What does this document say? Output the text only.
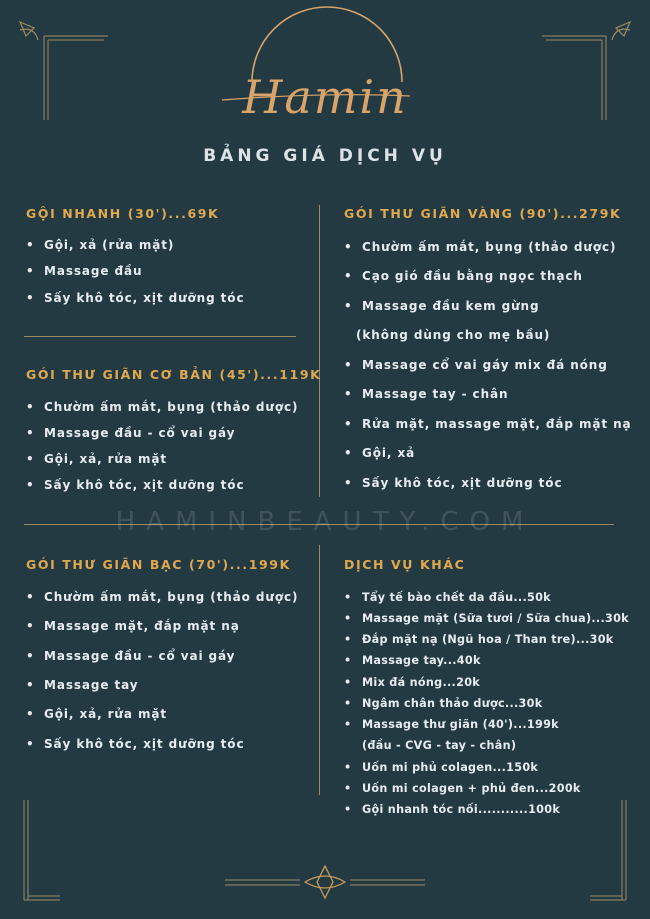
Hamin
BẢNG GIÁ DỊCH VỤ
HAMINBEAUTY.COM
GỘI NHANH (30')...69K
• Gội, xả (rửa mặt)
• Massage đầu
• Sấy khô tóc, xịt dưỡng tóc
GÓI THƯ GIÃN CƠ BẢN (45')...119K
• Chườm ấm mắt, bụng (thảo dược)
• Massage đầu - cổ vai gáy
• Gội, xả, rửa mặt
• Sấy khô tóc, xịt dưỡng tóc
GÓI THƯ GIÃN VÀNG (90')...279K
• Chườm ấm mắt, bụng (thảo dược)
• Cạo gió đầu bằng ngọc thạch
• Massage đầu kem gừng
(không dùng cho mẹ bầu)
• Massage cổ vai gáy mix đá nóng
• Massage tay - chân
• Rửa mặt, massage mặt, đắp mặt nạ
• Gội, xả
• Sấy khô tóc, xịt dưỡng tóc
GÓI THƯ GIÃN BẠC (70')...199K
• Chườm ấm mắt, bụng (thảo dược)
• Massage mặt, đắp mặt nạ
• Massage đầu - cổ vai gáy
• Massage tay
• Gội, xả, rửa mặt
• Sấy khô tóc, xịt dưỡng tóc
DỊCH VỤ KHÁC
• Tẩy tế bào chết da đầu...50k
• Massage mặt (Sữa tươi / Sữa chua)...30k
• Đắp mặt nạ (Ngũ hoa / Than tre)...30k
• Massage tay...40k
• Mix đá nóng...20k
• Ngâm chân thảo dược...30k
• Massage thư giãn (40')...199k
(đầu - CVG - tay - chân)
• Uốn mi phủ colagen...150k
• Uốn mi colagen + phủ đen...200k
• Gội nhanh tóc nối...........100k
